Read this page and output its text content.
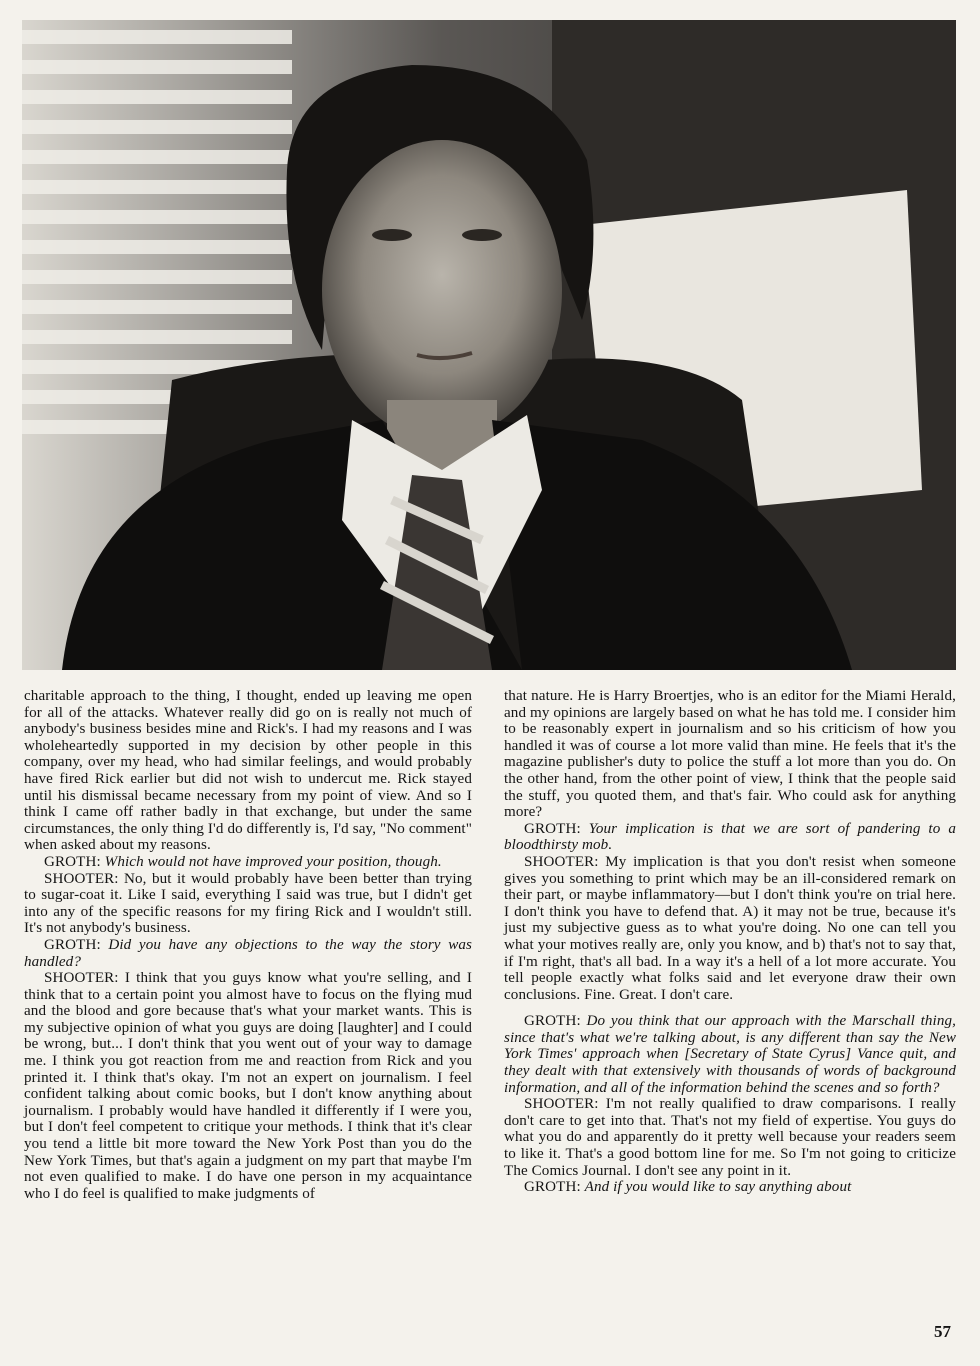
charitable approach to the thing, I thought, ended up leaving me open for all of the attacks. Whatever really did go on is really not much of anybody's business besides mine and Rick's. I had my reasons and I was wholeheartedly supported in my decision by other people in this company, over my head, who had similar feelings, and would probably have fired Rick earlier but did not wish to undercut me. Rick stayed until his dismissal became necessary from my point of view. And so I think I came off rather badly in that exchange, but under the same circumstances, the only thing I'd do differently is, I'd say, "No comment" when asked about my reasons.

GROTH: Which would not have improved your position, though.

SHOOTER: No, but it would probably have been better than trying to sugar-coat it. Like I said, everything I said was true, but I didn't get into any of the specific reasons for my firing Rick and I wouldn't still. It's not anybody's business.

GROTH: Did you have any objections to the way the story was handled?

SHOOTER: I think that you guys know what you're selling, and I think that to a certain point you almost have to focus on the flying mud and the blood and gore because that's what your market wants. This is my subjective opinion of what you guys are doing [laughter] and I could be wrong, but... I don't think that you went out of your way to damage me. I think you got reaction from me and reaction from Rick and you printed it. I think that's okay. I'm not an expert on journalism. I feel confident talking about comic books, but I don't know anything about journalism. I probably would have handled it differently if I were you, but I don't feel competent to critique your methods. I think that it's clear you tend a little bit more toward the New York Post than you do the New York Times, but that's again a judgment on my part that maybe I'm not even qualified to make. I do have one person in my acquaintance who I do feel is qualified to make judgments of

that nature. He is Harry Broertjes, who is an editor for the Miami Herald, and my opinions are largely based on what he has told me. I consider him to be reasonably expert in journalism and so his criticism of how you handled it was of course a lot more valid than mine. He feels that it's the magazine publisher's duty to police the stuff a lot more than you do. On the other hand, from the other point of view, I think that the people said the stuff, you quoted them, and that's fair. Who could ask for anything more?

GROTH: Your implication is that we are sort of pandering to a bloodthirsty mob.

SHOOTER: My implication is that you don't resist when someone gives you something to print which may be an ill-considered remark on their part, or maybe inflammatory—but I don't think you're on trial here. I don't think you have to defend that. A) it may not be true, because it's just my subjective guess as to what you're doing. No one can tell you what your motives really are, only you know, and b) that's not to say that, if I'm right, that's all bad. In a way it's a hell of a lot more accurate. You tell people exactly what folks said and let everyone draw their own conclusions. Fine. Great. I don't care.

GROTH: Do you think that our approach with the Marschall thing, since that's what we're talking about, is any different than say the New York Times' approach when [Secretary of State Cyrus] Vance quit, and they dealt with that extensively with thousands of words of background information, and all of the information behind the scenes and so forth?

SHOOTER: I'm not really qualified to draw comparisons. I really don't care to get into that. That's not my field of expertise. You guys do what you do and apparently do it pretty well because your readers seem to like it. That's a good bottom line for me. So I'm not going to criticize The Comics Journal. I don't see any point in it.

GROTH: And if you would like to say anything about

57
